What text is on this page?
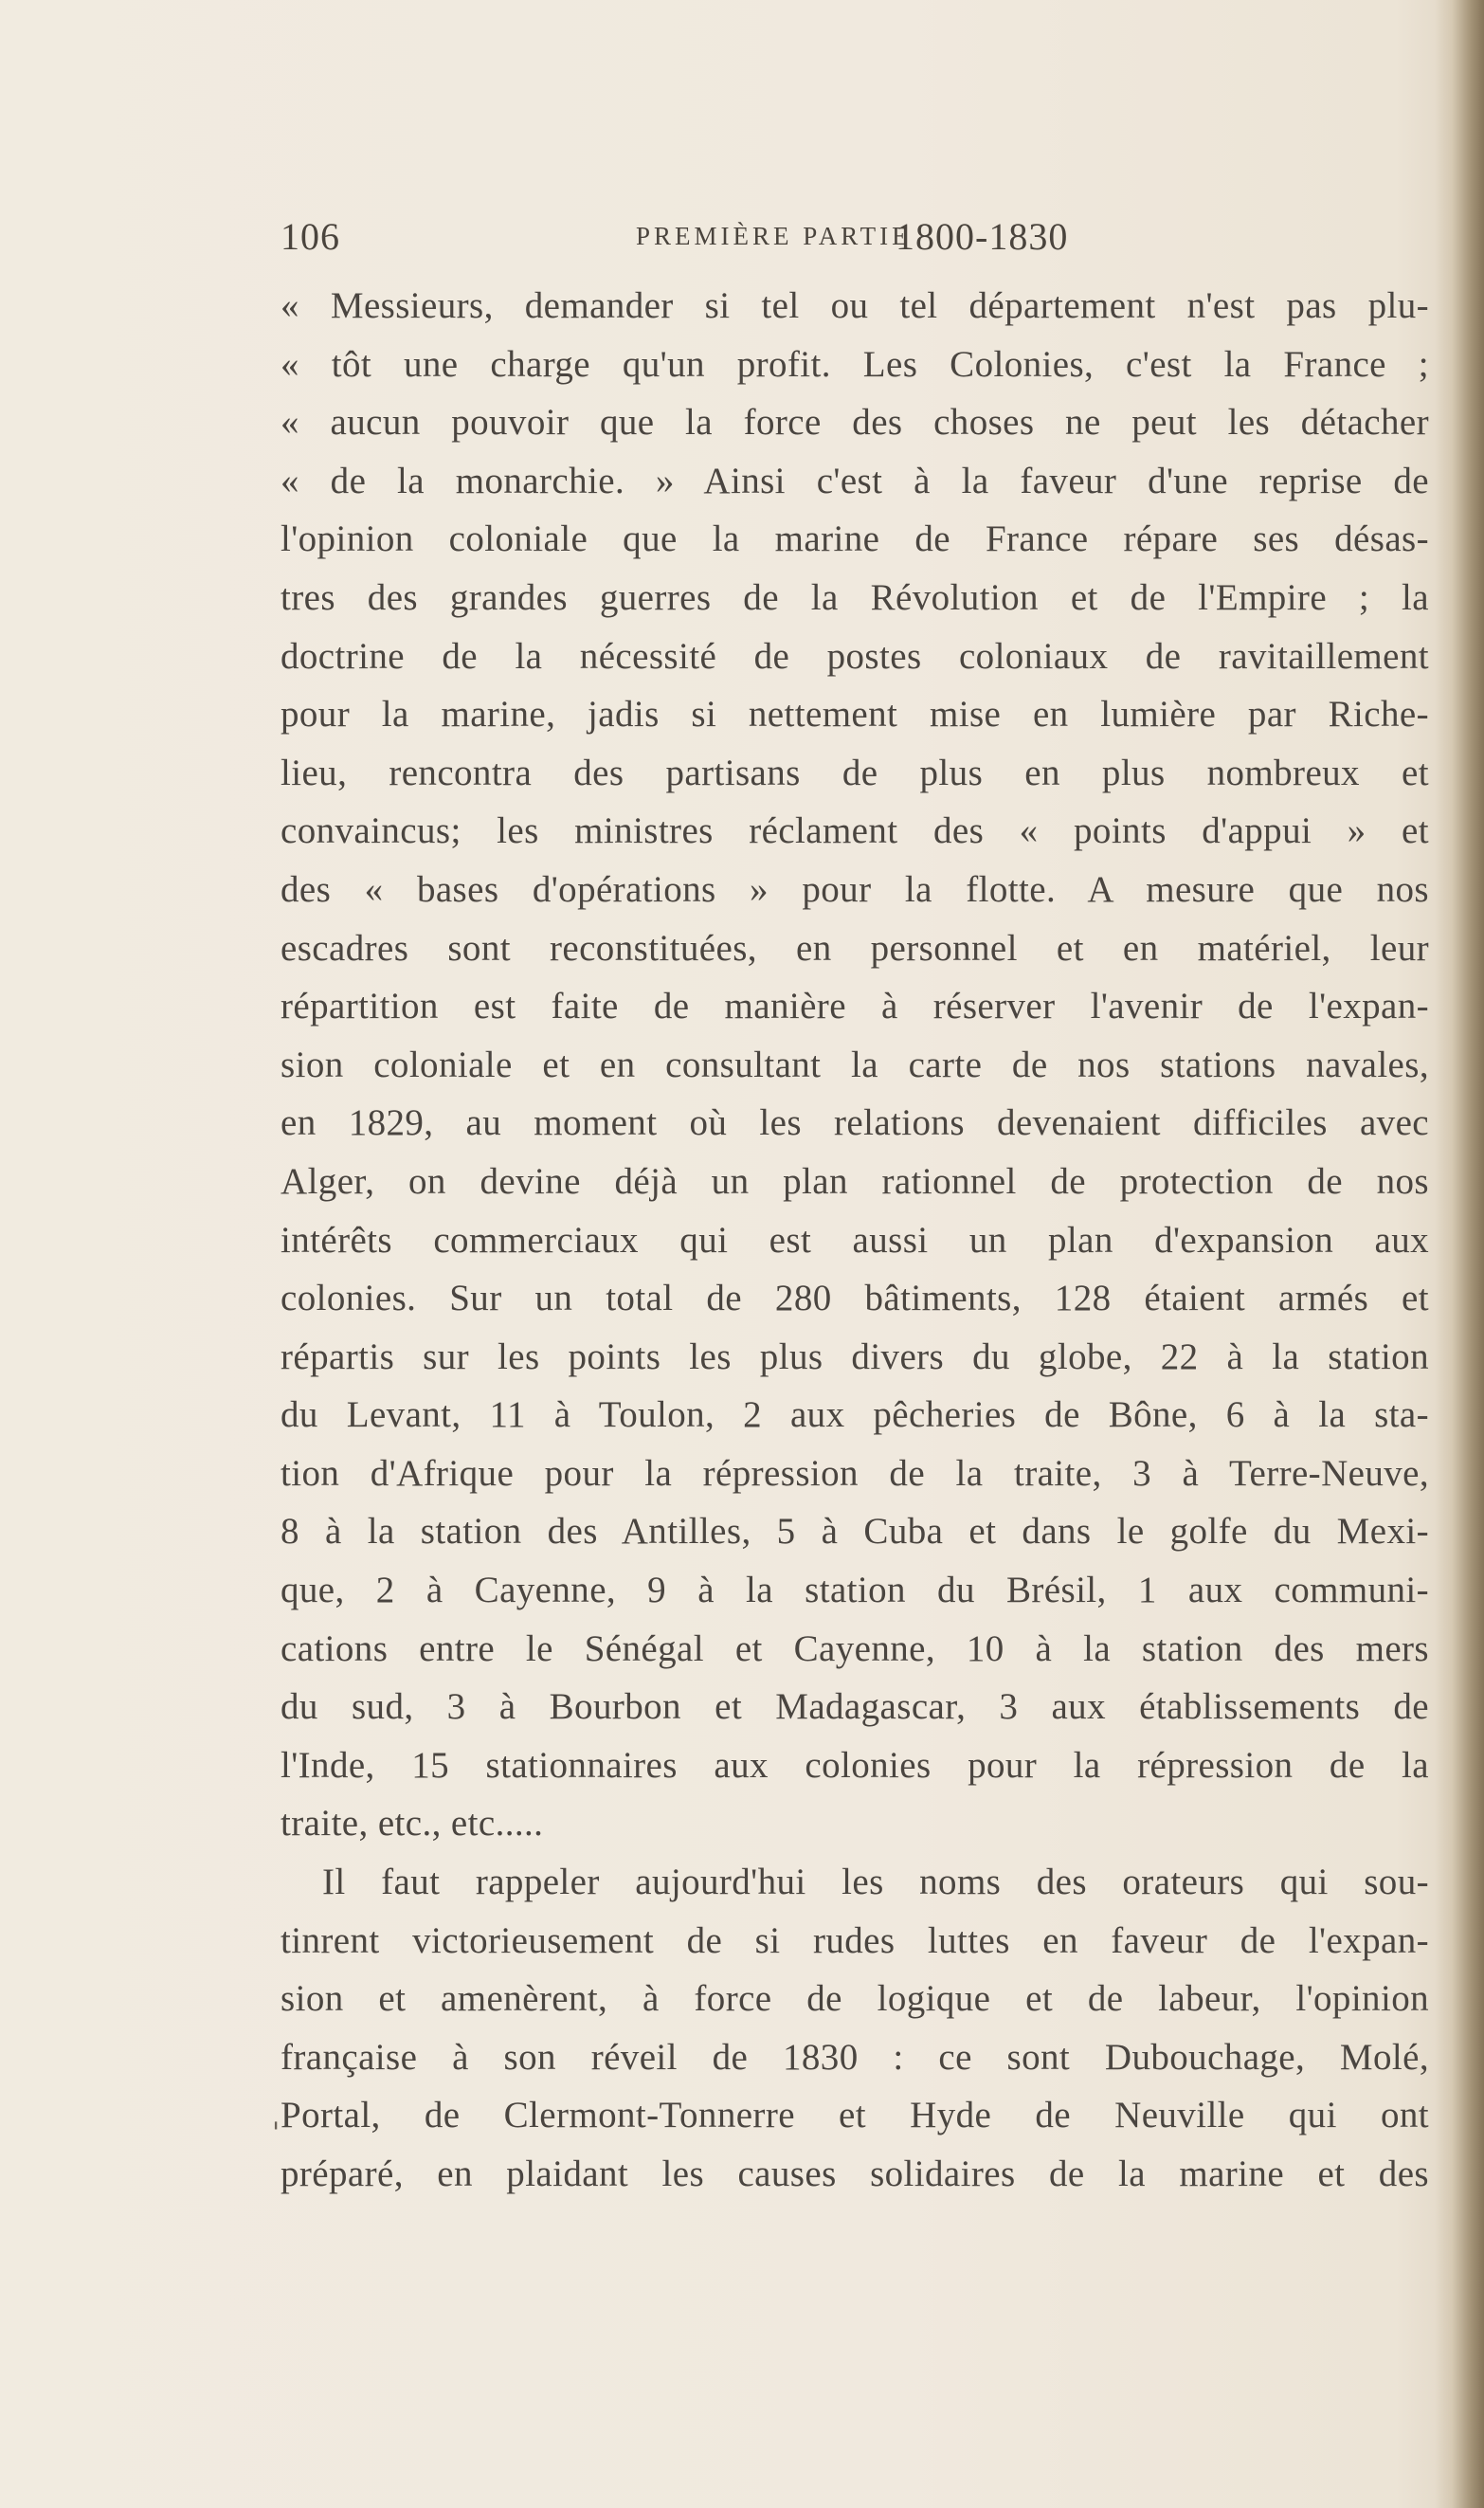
106	PREMIÈRE PARTIE
1800-1830
« Messieurs, demander si tel ou tel département n'est pas plu-
« tôt une charge qu'un profit. Les Colonies, c'est la France ;
« aucun pouvoir que la force des choses ne peut les détacher
« de la monarchie. » Ainsi c'est à la faveur d'une reprise de
l'opinion coloniale que la marine de France répare ses désas-
tres des grandes guerres de la Révolution et de l'Empire ; la
doctrine de la nécessité de postes coloniaux de ravitaillement
pour la marine, jadis si nettement mise en lumière par Riche-
lieu, rencontra des partisans de plus en plus nombreux et
convaincus; les ministres réclament des « points d'appui » et
des « bases d'opérations » pour la flotte. A mesure que nos
escadres sont reconstituées, en personnel et en matériel, leur
répartition est faite de manière à réserver l'avenir de l'expan-
sion coloniale et en consultant la carte de nos stations navales,
en 1829, au moment où les relations devenaient difficiles avec
Alger, on devine déjà un plan rationnel de protection de nos
intérêts commerciaux qui est aussi un plan d'expansion aux
colonies. Sur un total de 280 bâtiments, 128 étaient armés et
répartis sur les points les plus divers du globe, 22 à la station
du Levant, 11 à Toulon, 2 aux pêcheries de Bône, 6 à la sta-
tion d'Afrique pour la répression de la traite, 3 à Terre-Neuve,
8 à la station des Antilles, 5 à Cuba et dans le golfe du Mexi-
que, 2 à Cayenne, 9 à la station du Brésil, 1 aux communi-
cations entre le Sénégal et Cayenne, 10 à la station des mers
du sud, 3 à Bourbon et Madagascar, 3 aux établissements de
l'Inde, 15 stationnaires aux colonies pour la répression de la
traite, etc., etc.....
Il faut rappeler aujourd'hui les noms des orateurs qui sou-
tinrent victorieusement de si rudes luttes en faveur de l'expan-
sion et amenèrent, à force de logique et de labeur, l'opinion
française à son réveil de 1830 : ce sont Dubouchage, Molé,
Portal, de Clermont-Tonnerre et Hyde de Neuville qui ont
préparé, en plaidant les causes solidaires de la marine et des
'
